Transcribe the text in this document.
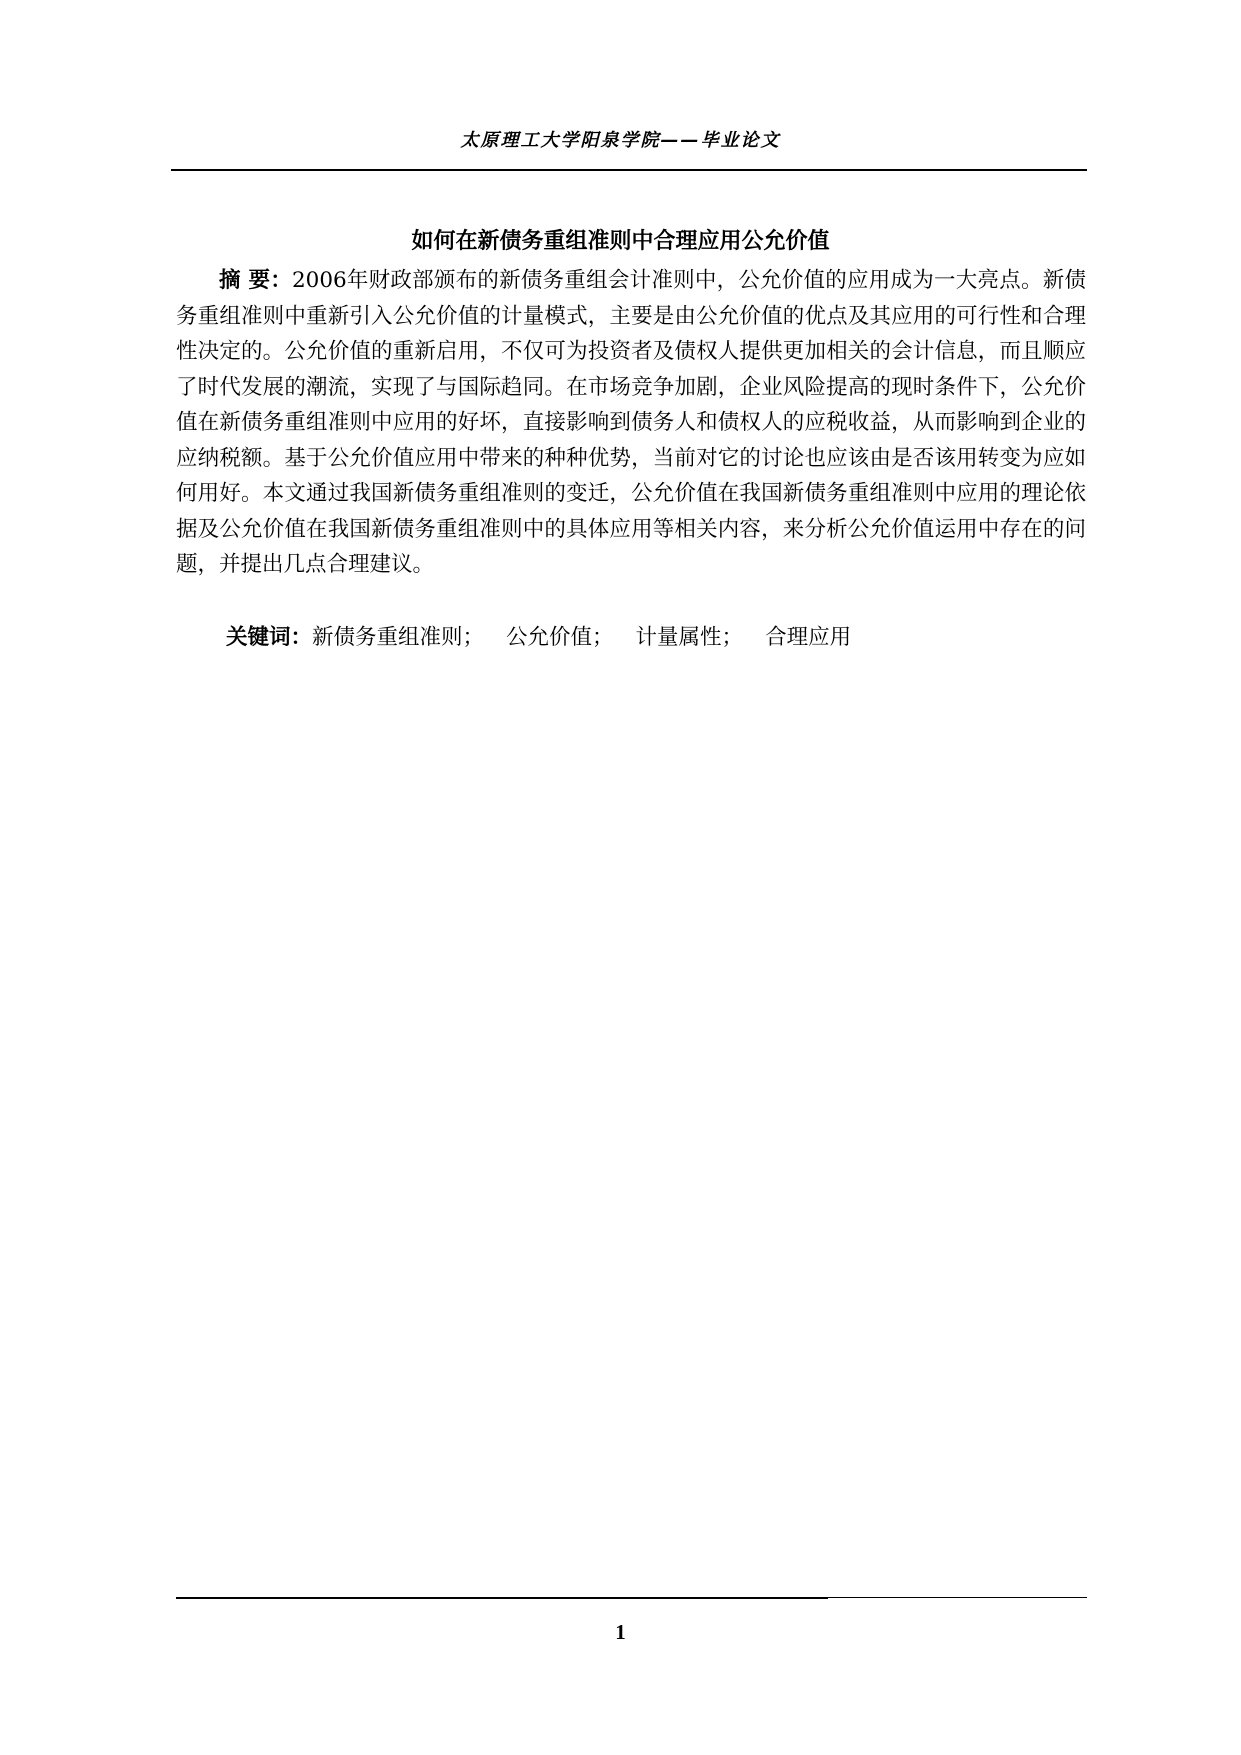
太原理工大学阳泉学院——毕业论文
如何在新债务重组准则中合理应用公允价值

摘 要：2006年财政部颁布的新债务重组会计准则中，公允价值的应用成为一大亮点。新债务重组准则中重新引入公允价值的计量模式，主要是由公允价值的优点及其应用的可行性和合理性决定的。公允价值的重新启用，不仅可为投资者及债权人提供更加相关的会计信息，而且顺应了时代发展的潮流，实现了与国际趋同。在市场竞争加剧，企业风险提高的现时条件下，公允价值在新债务重组准则中应用的好坏，直接影响到债务人和债权人的应税收益，从而影响到企业的应纳税额。基于公允价值应用中带来的种种优势，当前对它的讨论也应该由是否该用转变为应如何用好。本文通过我国新债务重组准则的变迁，公允价值在我国新债务重组准则中应用的理论依据及公允价值在我国新债务重组准则中的具体应用等相关内容，来分析公允价值运用中存在的问题，并提出几点合理建议。

关键词：新债务重组准则； 公允价值； 计量属性； 合理应用
1
